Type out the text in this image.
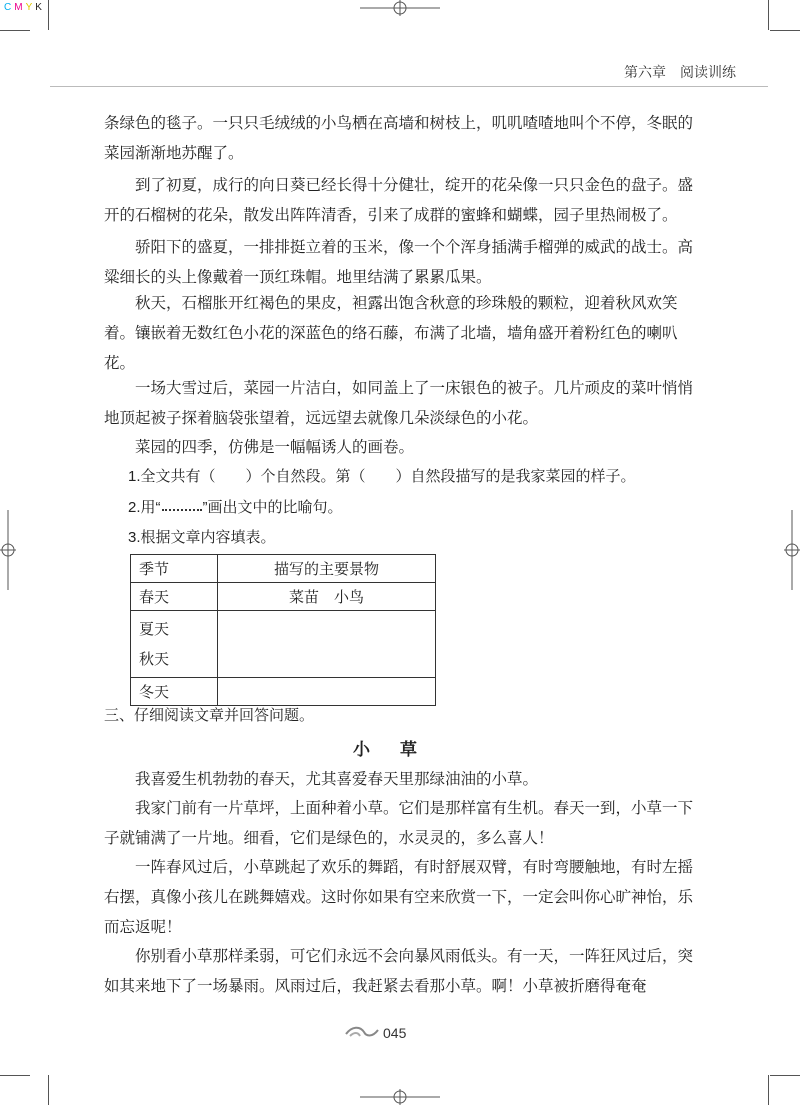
CMYK
第六章　阅读训练

条绿色的毯子。一只只毛绒绒的小鸟栖在高墙和树枝上，叽叽喳喳地叫个不停，冬眠的菜园渐渐地苏醒了。

到了初夏，成行的向日葵已经长得十分健壮，绽开的花朵像一只只金色的盘子。盛开的石榴树的花朵，散发出阵阵清香，引来了成群的蜜蜂和蝴蝶，园子里热闹极了。

骄阳下的盛夏，一排排挺立着的玉米，像一个个浑身插满手榴弹的威武的战士。高粱细长的头上像戴着一顶红珠帽。地里结满了累累瓜果。

秋天，石榴胀开红褐色的果皮，袒露出饱含秋意的珍珠般的颗粒，迎着秋风欢笑着。镶嵌着无数红色小花的深蓝色的络石藤，布满了北墙，墙角盛开着粉红色的喇叭花。

一场大雪过后，菜园一片洁白，如同盖上了一床银色的被子。几片顽皮的菜叶悄悄地顶起被子探着脑袋张望着，远远望去就像几朵淡绿色的小花。

菜园的四季，仿佛是一幅幅诱人的画卷。

1.全文共有（　　）个自然段。第（　　）自然段描写的是我家菜园的样子。

2.用“	”画出文中的比喻句。

3.根据文章内容填表。

季节	描写的主要景物
春天	菜苗　小鸟

夏天
秋天	

冬天	
三、仔细阅读文章并回答问题。
小草

我喜爱生机勃勃的春天，尤其喜爱春天里那绿油油的小草。

我家门前有一片草坪，上面种着小草。它们是那样富有生机。春天一到，小草一下子就铺满了一片地。细看，它们是绿色的，水灵灵的，多么喜人！

一阵春风过后，小草跳起了欢乐的舞蹈，有时舒展双臂，有时弯腰触地，有时左摇右摆，真像小孩儿在跳舞嬉戏。这时你如果有空来欣赏一下，一定会叫你心旷神怡，乐而忘返呢！

你别看小草那样柔弱，可它们永远不会向暴风雨低头。有一天，一阵狂风过后，突如其来地下了一场暴雨。风雨过后，我赶紧去看那小草。啊！小草被折磨得奄奄

045
